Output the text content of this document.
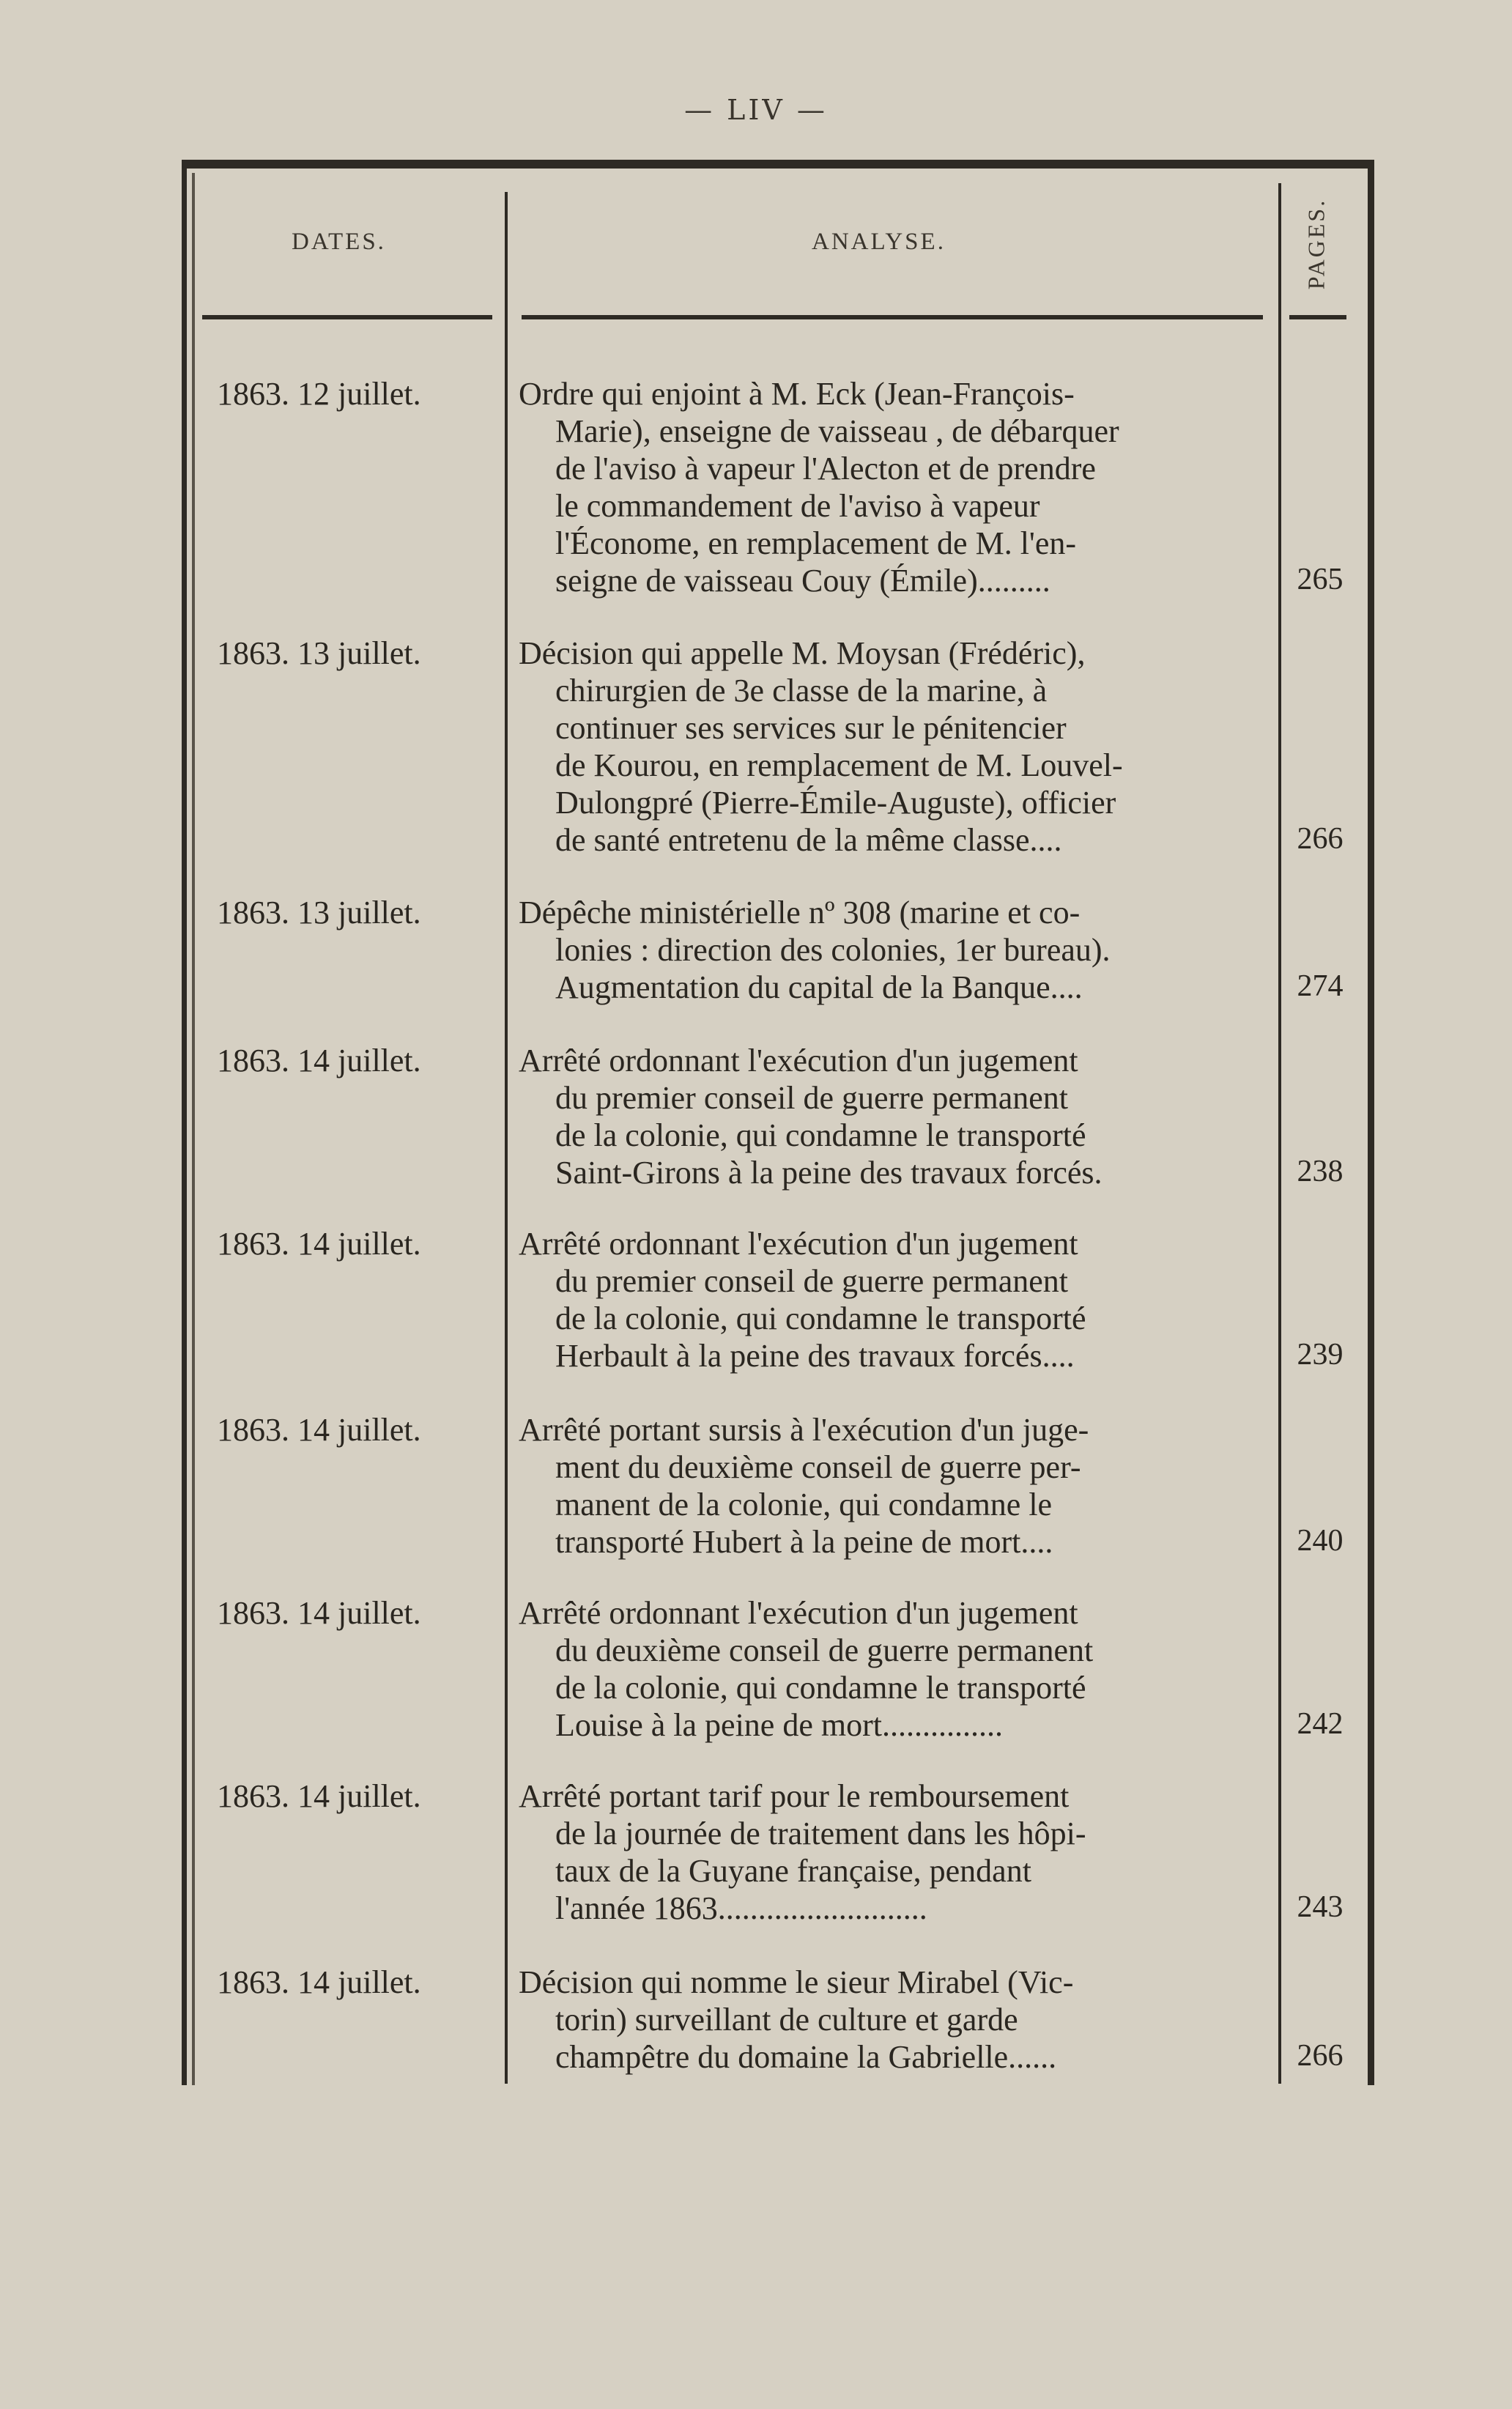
— LIV —
DATES.	ANALYSE.	PAGES.
1863. 12 juillet.	Ordre qui enjoint à M. Eck (Jean-François-
Marie), enseigne de vaisseau , de débarquer
de l'aviso à vapeur l'Alecton et de prendre
le commandement de l'aviso à vapeur
l'Économe, en remplacement de M. l'en-
seigne de vaisseau Couy (Émile).........	265
1863. 13 juillet.	Décision qui appelle M. Moysan (Frédéric),
chirurgien de 3e classe de la marine, à
continuer ses services sur le pénitencier
de Kourou, en remplacement de M. Louvel-
Dulongpré (Pierre-Émile-Auguste), officier
de santé entretenu de la même classe....	266
1863. 13 juillet.	Dépêche ministérielle nº 308 (marine et co-
lonies : direction des colonies, 1er bureau).
Augmentation du capital de la Banque....	274
1863. 14 juillet.	Arrêté ordonnant l'exécution d'un jugement
du premier conseil de guerre permanent
de la colonie, qui condamne le transporté
Saint-Girons à la peine des travaux forcés.	238
1863. 14 juillet.	Arrêté ordonnant l'exécution d'un jugement
du premier conseil de guerre permanent
de la colonie, qui condamne le transporté
Herbault à la peine des travaux forcés....	239
1863. 14 juillet.	Arrêté portant sursis à l'exécution d'un juge-
ment du deuxième conseil de guerre per-
manent de la colonie, qui condamne le
transporté Hubert à la peine de mort....	240
1863. 14 juillet.	Arrêté ordonnant l'exécution d'un jugement
du deuxième conseil de guerre permanent
de la colonie, qui condamne le transporté
Louise à la peine de mort...............	242
1863. 14 juillet.	Arrêté portant tarif pour le remboursement
de la journée de traitement dans les hôpi-
taux de la Guyane française, pendant
l'année 1863..........................	243
1863. 14 juillet.	Décision qui nomme le sieur Mirabel (Vic-
torin) surveillant de culture et garde
champêtre du domaine la Gabrielle......	266
